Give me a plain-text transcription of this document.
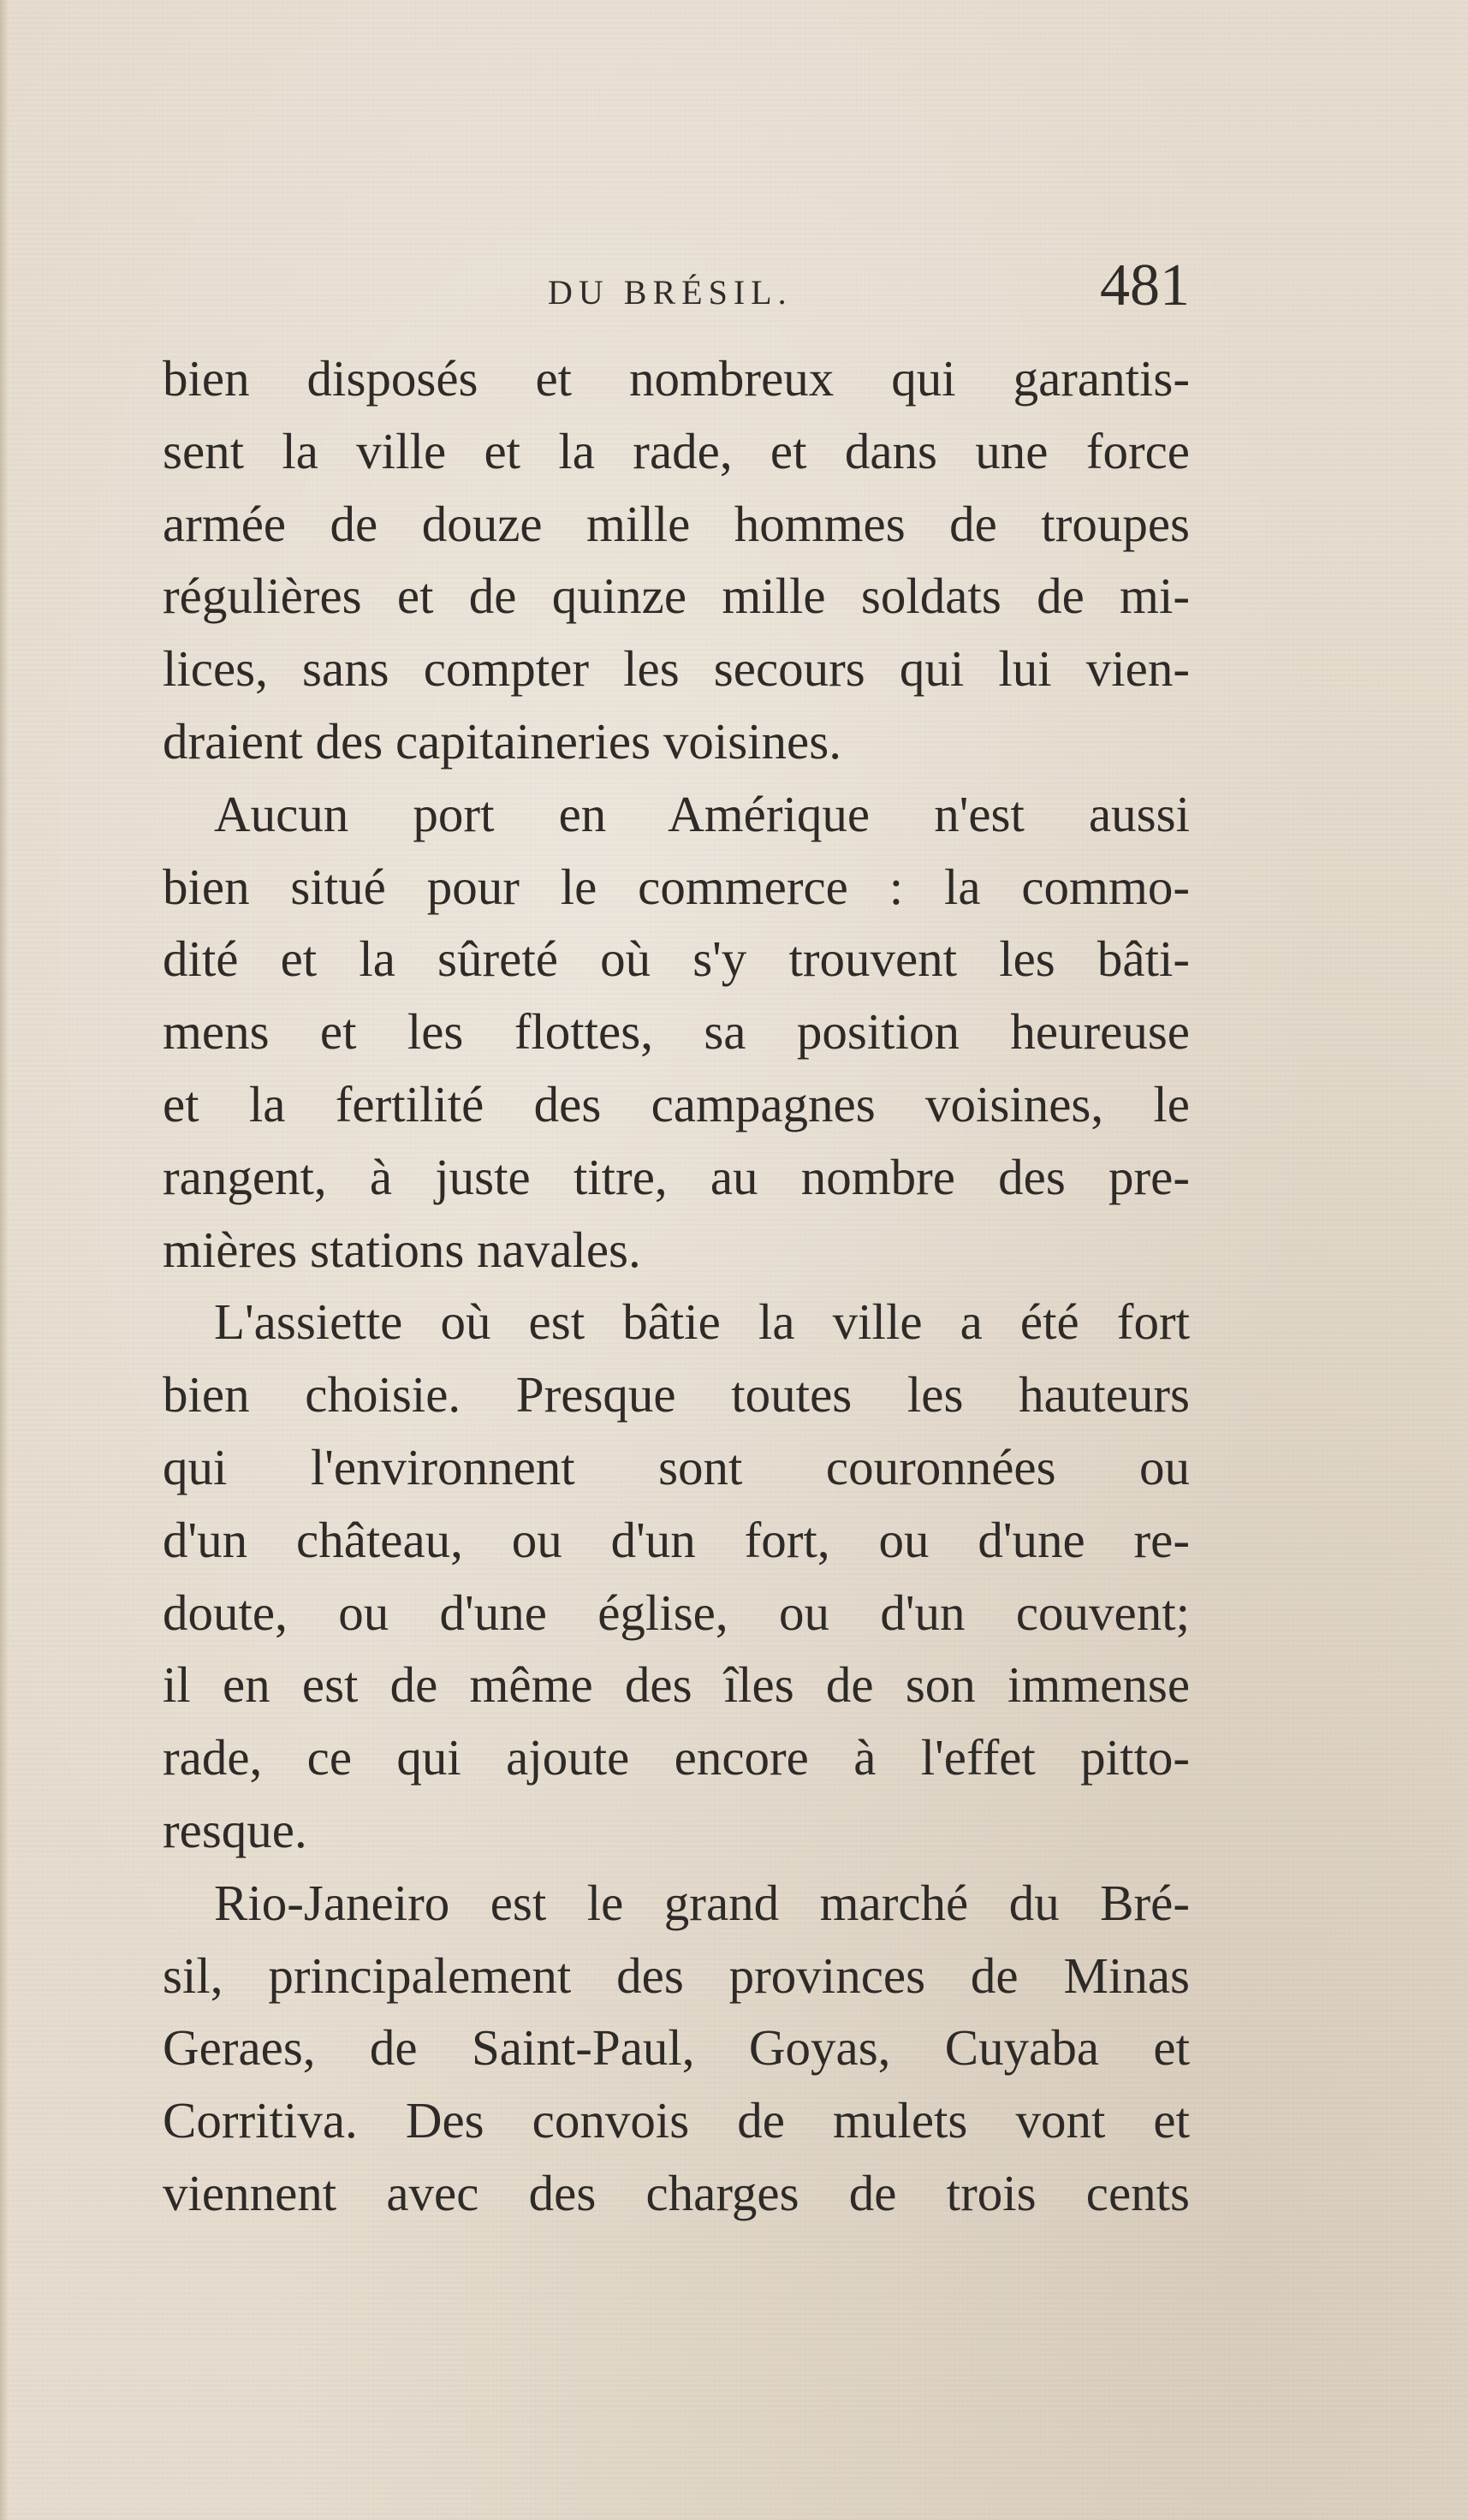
DU BRÉSIL.	481
bien disposés et nombreux qui garantis-
sent la ville et la rade, et dans une force
armée de douze mille hommes de troupes
régulières et de quinze mille soldats de mi-
lices, sans compter les secours qui lui vien-
draient des capitaineries voisines.
Aucun port en Amérique n'est aussi
bien situé pour le commerce : la commo-
dité et la sûreté où s'y trouvent les bâti-
mens et les flottes, sa position heureuse
et la fertilité des campagnes voisines, le
rangent, à juste titre, au nombre des pre-
mières stations navales.
L'assiette où est bâtie la ville a été fort
bien choisie. Presque toutes les hauteurs
qui l'environnent sont couronnées ou
d'un château, ou d'un fort, ou d'une re-
doute, ou d'une église, ou d'un couvent;
il en est de même des îles de son immense
rade, ce qui ajoute encore à l'effet pitto-
resque.
Rio-Janeiro est le grand marché du Bré-
sil, principalement des provinces de Minas
Geraes, de Saint-Paul, Goyas, Cuyaba et
Corritiva. Des convois de mulets vont et
viennent avec des charges de trois cents
